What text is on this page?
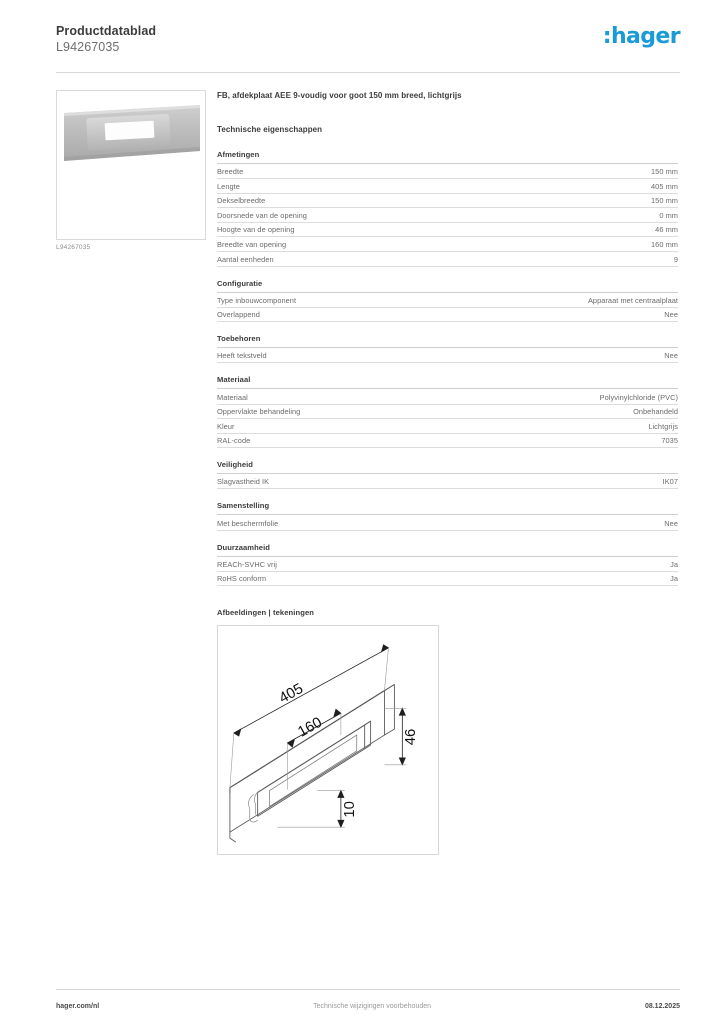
Productdatablad
L94267035	:hager
L94267035
FB, afdekplaat AEE 9-voudig voor goot 150 mm breed, lichtgrijs
Technische eigenschappen
Afmetingen
Breedte	150 mm
Lengte	405 mm
Dekselbreedte	150 mm
Doorsnede van de opening	0 mm
Hoogte van de opening	46 mm
Breedte van opening	160 mm
Aantal eenheden	9
Configuratie
Type inbouwcomponent	Apparaat met centraalplaat
Overlappend	Nee
Toebehoren
Heeft tekstveld	Nee
Materiaal
Materiaal	Polyvinylchloride (PVC)
Oppervlakte behandeling	Onbehandeld
Kleur	Lichtgrijs
RAL-code	7035
Veiligheid
Slagvastheid IK	IK07
Samenstelling
Met beschermfolie	Nee
Duurzaamheid
REACh-SVHC vrij	Ja
RoHS conform	Ja
Afbeeldingen | tekeningen
405
160	46
10
hager.com/nl	Technische wijzigingen voorbehouden	08.12.2025
